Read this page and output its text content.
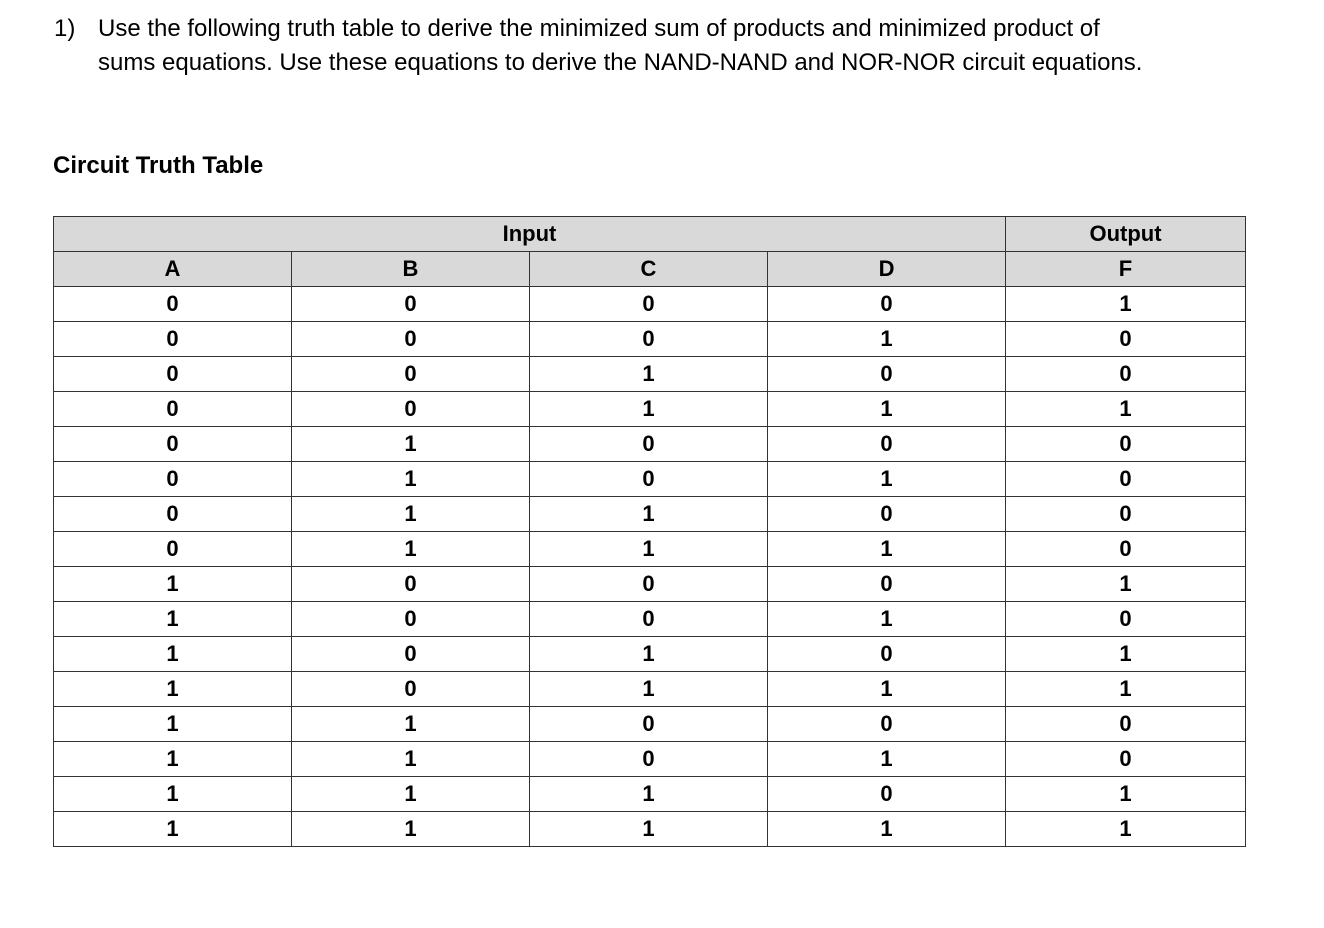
1) Use the following truth table to derive the minimized sum of products and minimized product of
sums equations. Use these equations to derive the NAND-NAND and NOR-NOR circuit equations.
Circuit Truth Table
Input				Output
A	B	C	D	F
0	0	0	0	1
0	0	0	1	0
0	0	1	0	0
0	0	1	1	1
0	1	0	0	0
0	1	0	1	0
0	1	1	0	0
0	1	1	1	0
1	0	0	0	1
1	0	0	1	0
1	0	1	0	1
1	0	1	1	1
1	1	0	0	0
1	1	0	1	0
1	1	1	0	1
1	1	1	1	1
